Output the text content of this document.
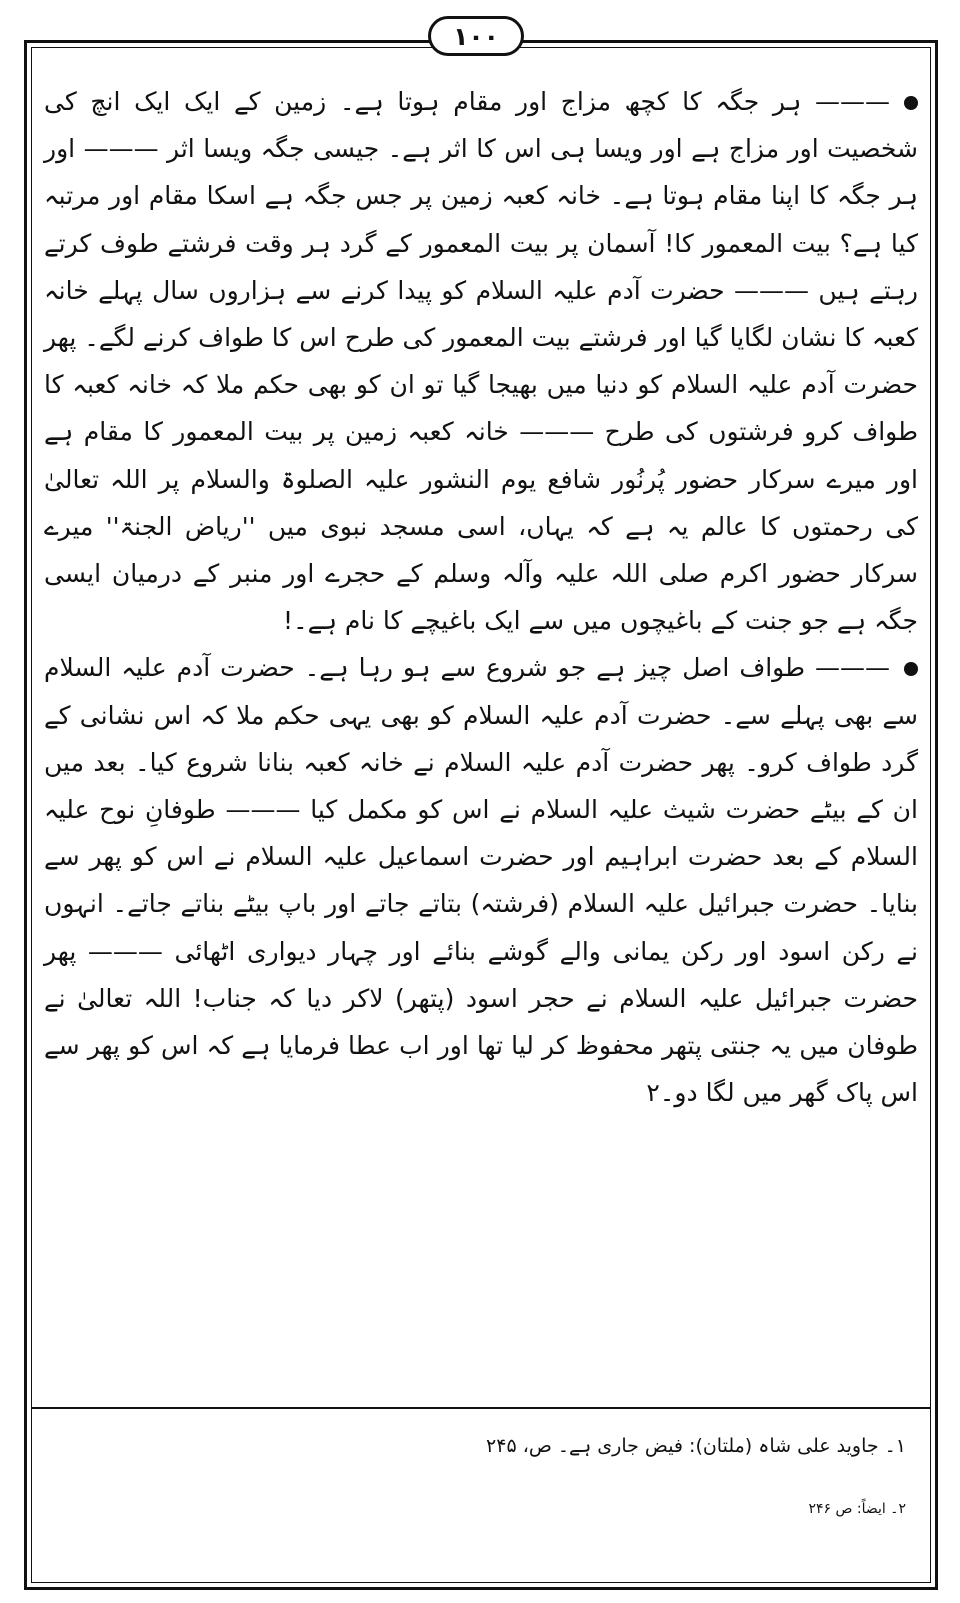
۱۰۰

——— ہر جگہ کا کچھ مزاج اور مقام ہوتا ہے۔ زمین کے ایک ایک انچ کی شخصیت اور مزاج ہے اور ویسا ہی اس کا اثر ہے۔ جیسی جگہ ویسا اثر ——— اور ہر جگہ کا اپنا مقام ہوتا ہے۔ خانہ کعبہ زمین پر جس جگہ ہے اسکا مقام اور مرتبہ کیا ہے؟ بیت المعمور کا! آسمان پر بیت المعمور کے گرد ہر وقت فرشتے طوف کرتے رہتے ہیں ——— حضرت آدم علیہ السلام کو پیدا کرنے سے ہزاروں سال پہلے خانہ کعبہ کا نشان لگایا گیا اور فرشتے بیت المعمور کی طرح اس کا طواف کرنے لگے۔ پھر حضرت آدم علیہ السلام کو دنیا میں بھیجا گیا تو ان کو بھی حکم ملا کہ خانہ کعبہ کا طواف کرو فرشتوں کی طرح ——— خانہ کعبہ زمین پر بیت المعمور کا مقام ہے اور میرے سرکار حضور پُرنُور شافع یوم النشور علیہ الصلوۃ والسلام پر اللہ تعالیٰ کی رحمتوں کا عالم یہ ہے کہ یہاں، اسی مسجد نبوی میں ''ریاض الجنۃ'' میرے سرکار حضور اکرم صلی اللہ علیہ وآلہ وسلم کے حجرے اور منبر کے درمیان ایسی جگہ ہے جو جنت کے باغیچوں میں سے ایک باغیچے کا نام ہے۔!

——— طواف اصل چیز ہے جو شروع سے ہو رہا ہے۔ حضرت آدم علیہ السلام سے بھی پہلے سے۔ حضرت آدم علیہ السلام کو بھی یہی حکم ملا کہ اس نشانی کے گرد طواف کرو۔ پھر حضرت آدم علیہ السلام نے خانہ کعبہ بنانا شروع کیا۔ بعد میں ان کے بیٹے حضرت شیث علیہ السلام نے اس کو مکمل کیا ——— طوفانِ نوح علیہ السلام کے بعد حضرت ابراہیم اور حضرت اسماعیل علیہ السلام نے اس کو پھر سے بنایا۔ حضرت جبرائیل علیہ السلام (فرشتہ) بتاتے جاتے اور باپ بیٹے بناتے جاتے۔ انہوں نے رکن اسود اور رکن یمانی والے گوشے بنائے اور چہار دیواری اٹھائی ——— پھر حضرت جبرائیل علیہ السلام نے حجر اسود (پتھر) لاکر دیا کہ جناب! اللہ تعالیٰ نے طوفان میں یہ جنتی پتھر محفوظ کر لیا تھا اور اب عطا فرمایا ہے کہ اس کو پھر سے اس پاک گھر میں لگا دو۔۲

۱۔ جاوید علی شاہ (ملتان): فیض جاری ہے۔ ص، ۲۴۵
۲۔ ایضاً: ص ۲۴۶
